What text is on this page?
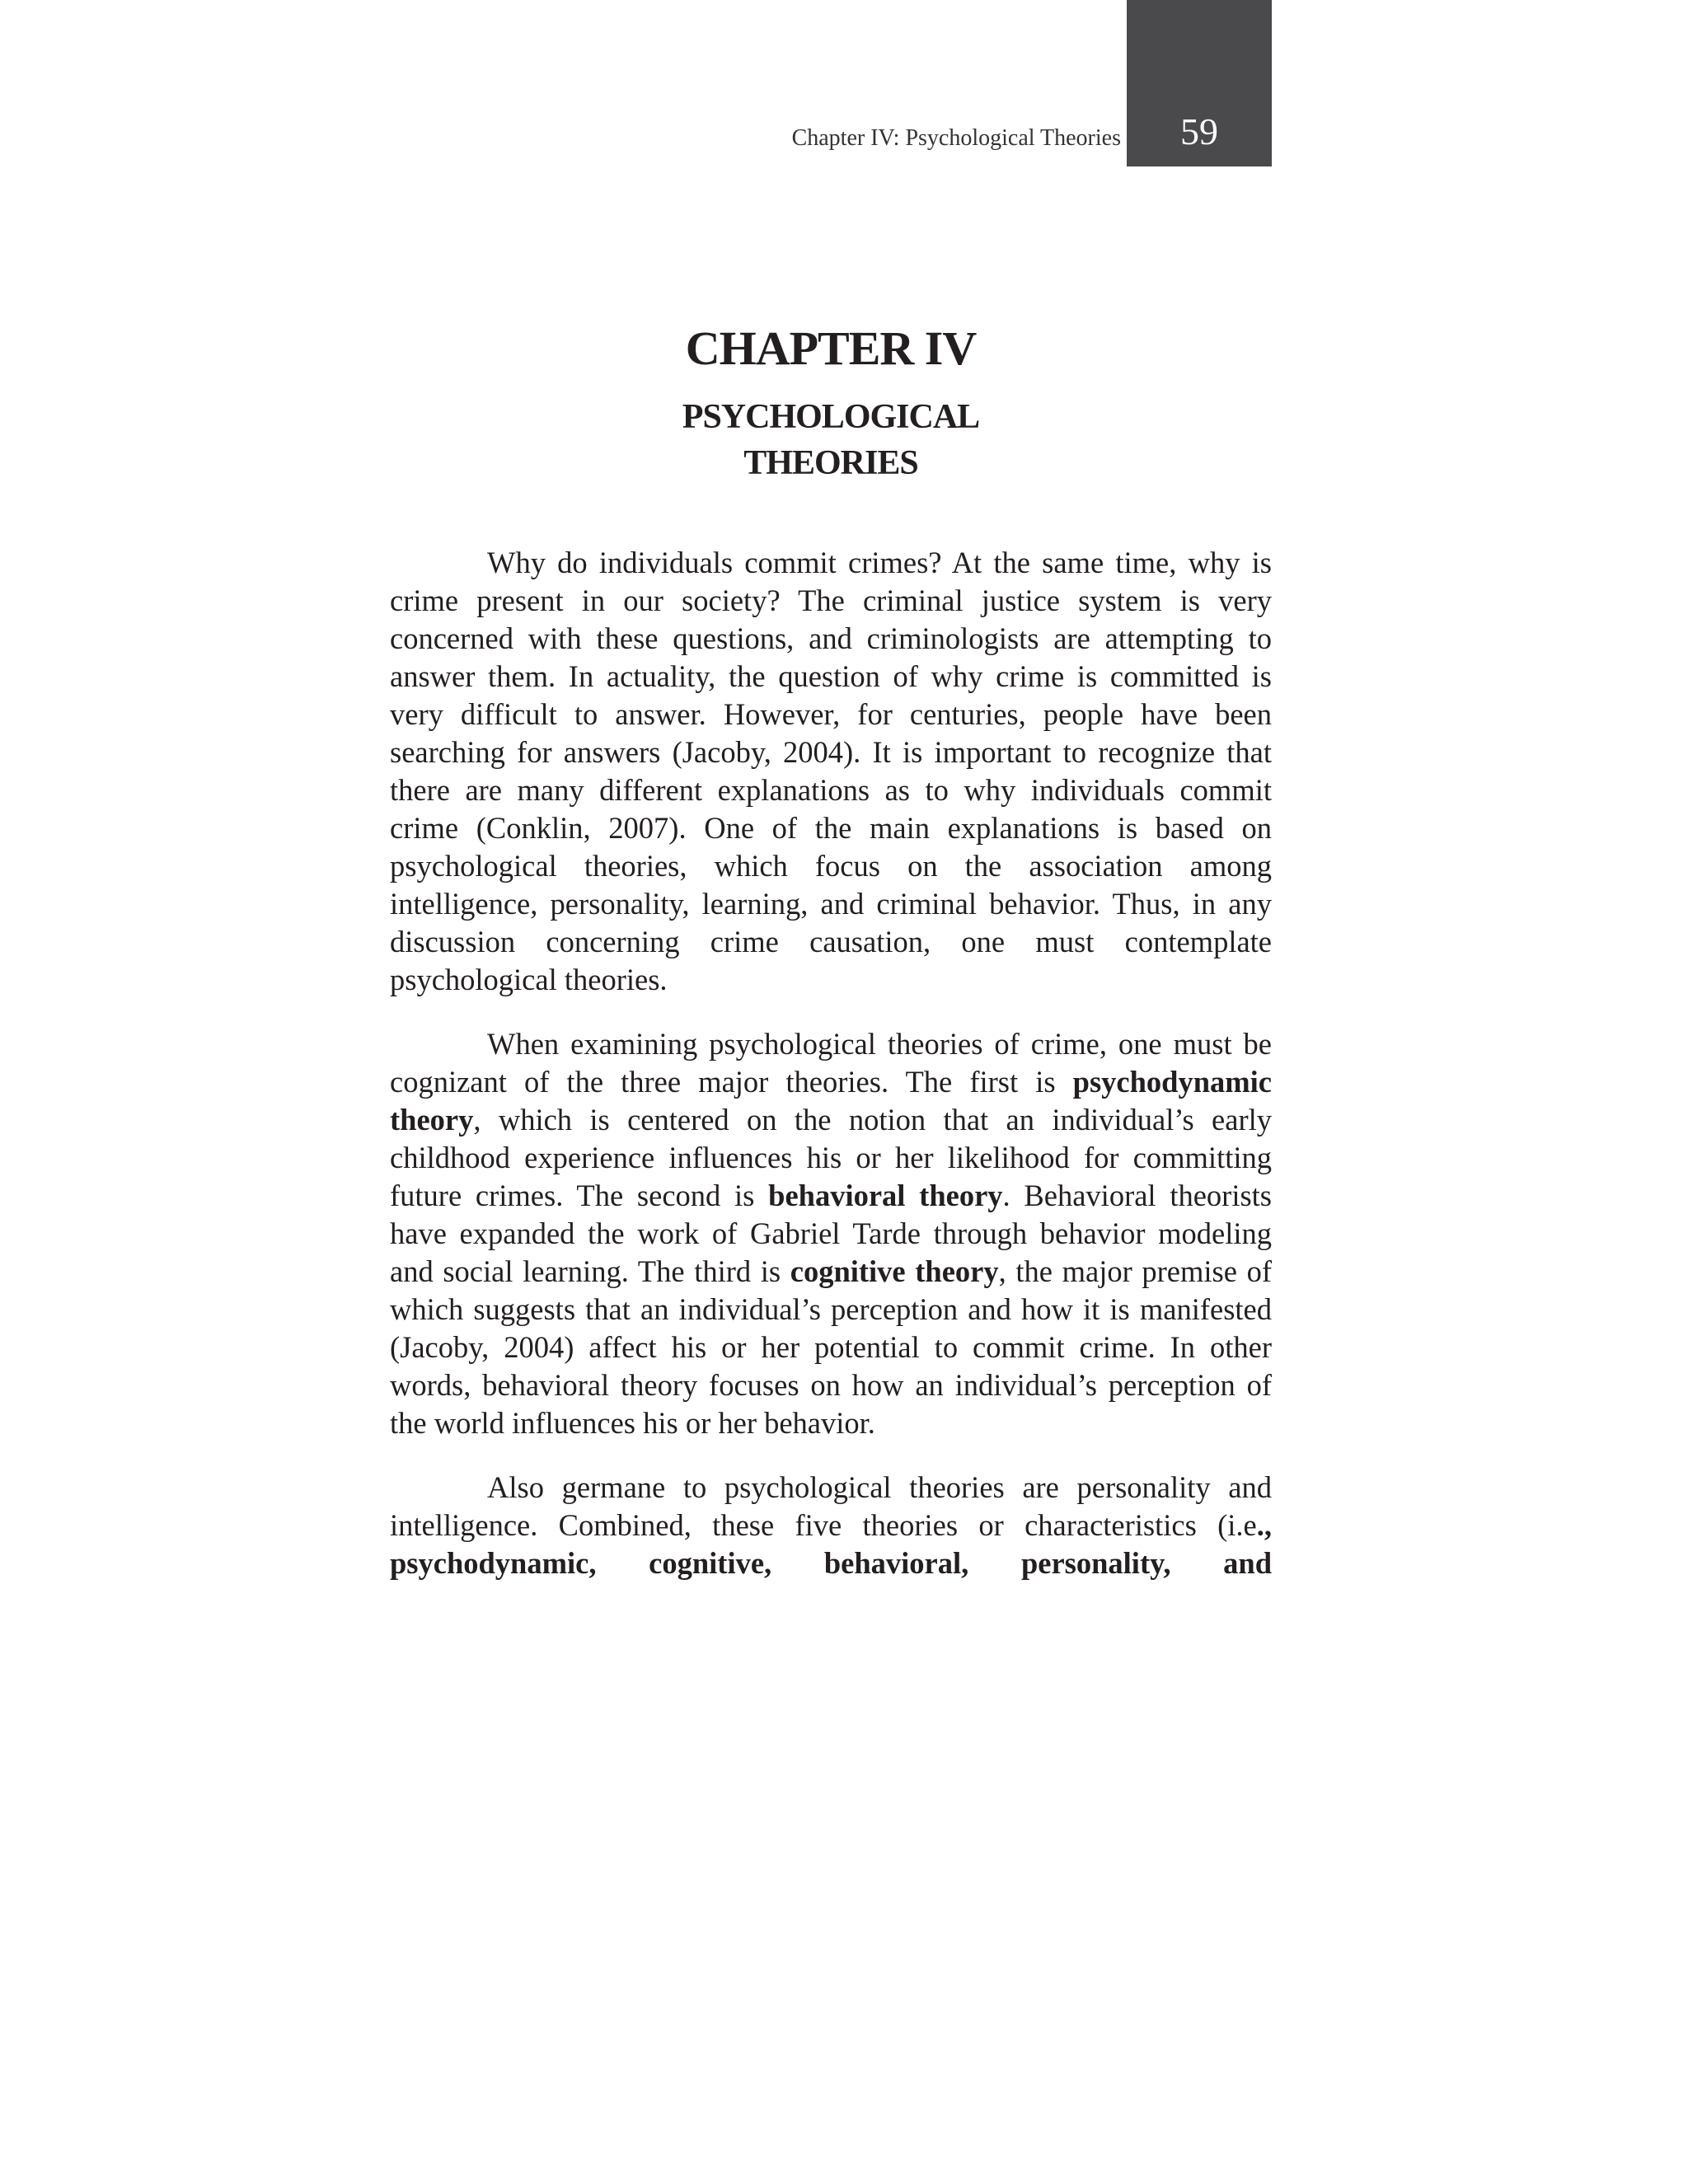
Chapter IV: Psychological Theories	59
CHAPTER IV
PSYCHOLOGICAL
THEORIES

Why do individuals commit crimes? At the same time, why is crime present in our society? The criminal justice system is very concerned with these questions, and criminologists are attempting to answer them. In actuality, the question of why crime is committed is very difficult to answer. However, for centuries, people have been searching for answers (Jacoby, 2004). It is important to recognize that there are many different explanations as to why individuals commit crime (Conklin, 2007). One of the main explanations is based on psychological theories, which focus on the association among intelligence, personality, learning, and criminal behavior. Thus, in any discussion concerning crime causation, one must contemplate psychological theories.

When examining psychological theories of crime, one must be cognizant of the three major theories. The first is psychodynamic theory, which is centered on the notion that an individual’s early childhood experience influences his or her likelihood for committing future crimes. The second is behavioral theory. Behavioral theorists have expanded the work of Gabriel Tarde through behavior modeling and social learning. The third is cognitive theory, the major premise of which suggests that an individual’s perception and how it is manifested (Jacoby, 2004) affect his or her potential to commit crime. In other words, behavioral theory focuses on how an individual’s perception of the world influences his or her behavior.

Also germane to psychological theories are personality and intelligence. Combined, these five theories or characteristics (i.e., psychodynamic, cognitive, behavioral, personality, and
